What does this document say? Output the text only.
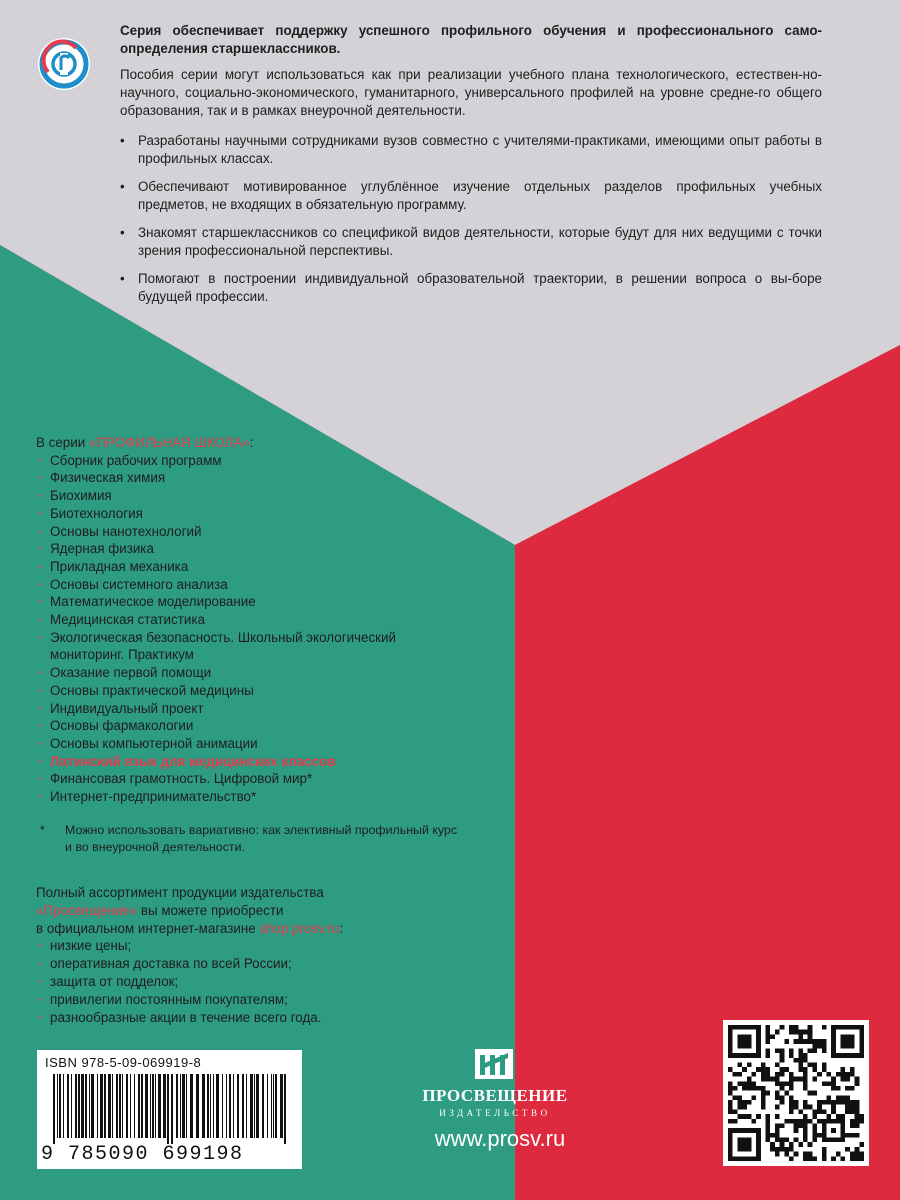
Серия обеспечивает поддержку успешного профильного обучения и профессионального само-определения старшеклассников.

Пособия серии могут использоваться как при реализации учебного плана технологического, естествен-но-научного, социально-экономического, гуманитарного, универсального профилей на уровне средне-го общего образования, так и в рамках внеурочной деятельности.

• Разработаны научными сотрудниками вузов совместно с учителями-практиками, имеющими опыт работы в профильных классах.
• Обеспечивают мотивированное углублённое изучение отдельных разделов профильных учебных предметов, не входящих в обязательную программу.
• Знакомят старшеклассников со спецификой видов деятельности, которые будут для них ведущими с точки зрения профессиональной перспективы.
• Помогают в построении индивидуальной образовательной траектории, в решении вопроса о вы-боре будущей профессии.

В серии «ПРОФИЛЬНАЯ ШКОЛА»:

· Сборник рабочих программ
· Физическая химия
· Биохимия
· Биотехнология
· Основы нанотехнологий
· Ядерная физика
· Прикладная механика
· Основы системного анализа
· Математическое моделирование
· Медицинская статистика
· Экологическая безопасность. Школьный экологический мониторинг. Практикум
· Оказание первой помощи
· Основы практической медицины
· Индивидуальный проект
· Основы фармакологии
· Основы компьютерной анимации
· Латинский язык для медицинских классов
· Финансовая грамотность. Цифровой мир*
· Интернет-предпринимательство*
*	Можно использовать вариативно: как элективный профильный курс и во внеурочной деятельности.

Полный ассортимент продукции издательства

«Просвещение» вы можете приобрести

в официальном интернет-магазине shop.prosv.ru:

· низкие цены;
· оперативная доставка по всей России;
· защита от подделок;
· привилегии постоянным покупателям;
· разнообразные акции в течение всего года.
ISBN 978-5-09-069919-8
9 785090 699198
ПРОСВЕЩЕНИЕ
ИЗДАТЕЛЬСТВО
www.prosv.ru
